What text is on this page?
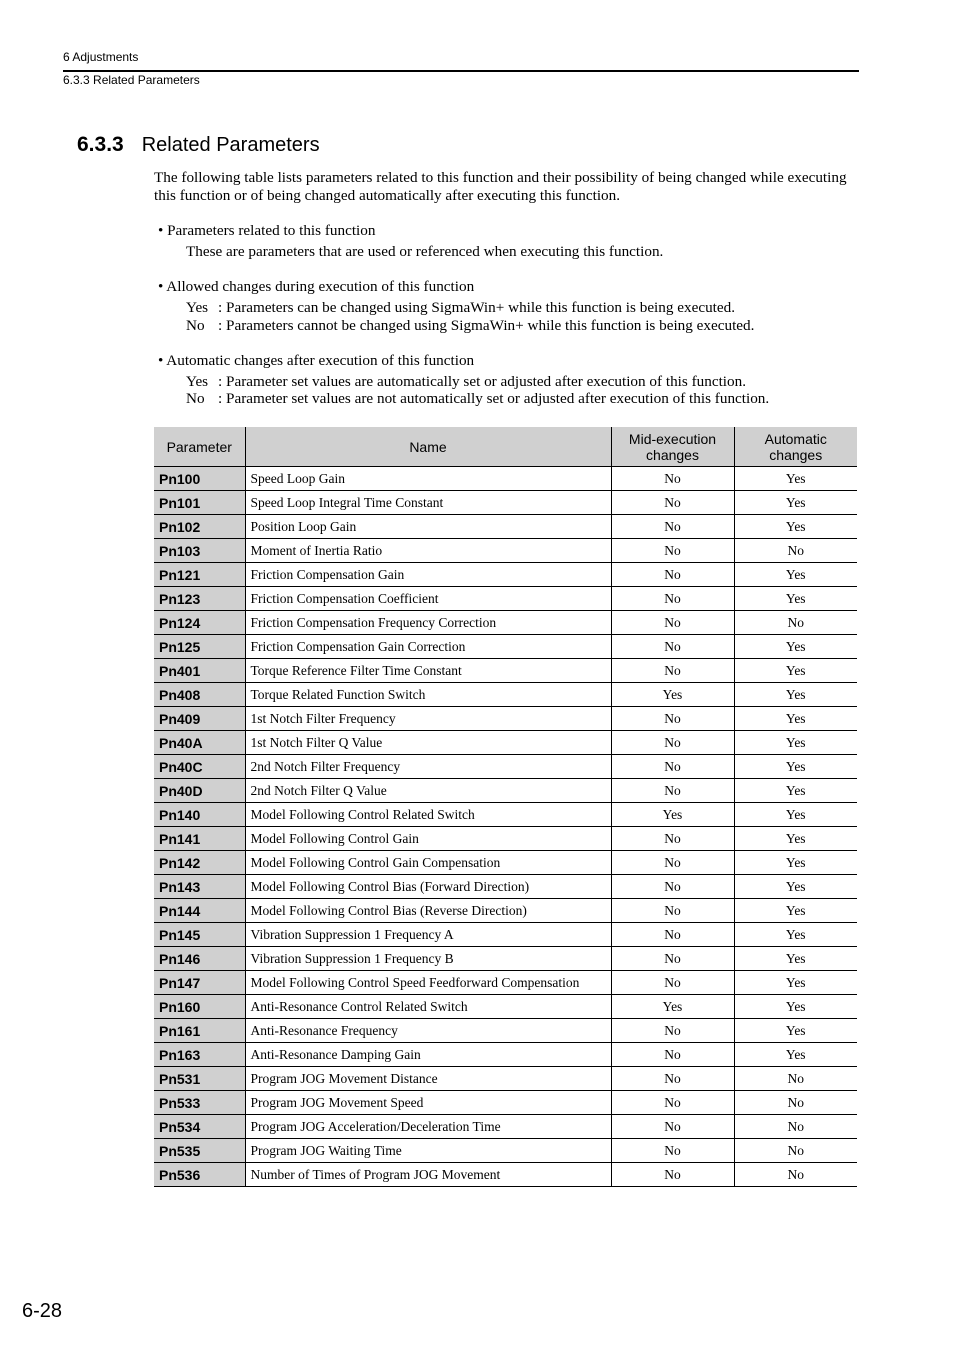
6 Adjustments
6.3.3 Related Parameters
6.3.3 Related Parameters
The following table lists parameters related to this function and their possibility of being changed while executing this function or of being changed automatically after executing this function.
• Parameters related to this function
These are parameters that are used or referenced when executing this function.
• Allowed changes during execution of this function
Yes : Parameters can be changed using SigmaWin+ while this function is being executed.
No : Parameters cannot be changed using SigmaWin+ while this function is being executed.
• Automatic changes after execution of this function
Yes : Parameter set values are automatically set or adjusted after execution of this function.
No : Parameter set values are not automatically set or adjusted after execution of this function.
Parameter	Name	Mid-execution changes	Automatic changes
Pn100	Speed Loop Gain	No	Yes
Pn101	Speed Loop Integral Time Constant	No	Yes
Pn102	Position Loop Gain	No	Yes
Pn103	Moment of Inertia Ratio	No	No
Pn121	Friction Compensation Gain	No	Yes
Pn123	Friction Compensation Coefficient	No	Yes
Pn124	Friction Compensation Frequency Correction	No	No
Pn125	Friction Compensation Gain Correction	No	Yes
Pn401	Torque Reference Filter Time Constant	No	Yes
Pn408	Torque Related Function Switch	Yes	Yes
Pn409	1st Notch Filter Frequency	No	Yes
Pn40A	1st Notch Filter Q Value	No	Yes
Pn40C	2nd Notch Filter Frequency	No	Yes
Pn40D	2nd Notch Filter Q Value	No	Yes
Pn140	Model Following Control Related Switch	Yes	Yes
Pn141	Model Following Control Gain	No	Yes
Pn142	Model Following Control Gain Compensation	No	Yes
Pn143	Model Following Control Bias (Forward Direction)	No	Yes
Pn144	Model Following Control Bias (Reverse Direction)	No	Yes
Pn145	Vibration Suppression 1 Frequency A	No	Yes
Pn146	Vibration Suppression 1 Frequency B	No	Yes
Pn147	Model Following Control Speed Feedforward Compensation	No	Yes
Pn160	Anti-Resonance Control Related Switch	Yes	Yes
Pn161	Anti-Resonance Frequency	No	Yes
Pn163	Anti-Resonance Damping Gain	No	Yes
Pn531	Program JOG Movement Distance	No	No
Pn533	Program JOG Movement Speed	No	No
Pn534	Program JOG Acceleration/Deceleration Time	No	No
Pn535	Program JOG Waiting Time	No	No
Pn536	Number of Times of Program JOG Movement	No	No
6-28
